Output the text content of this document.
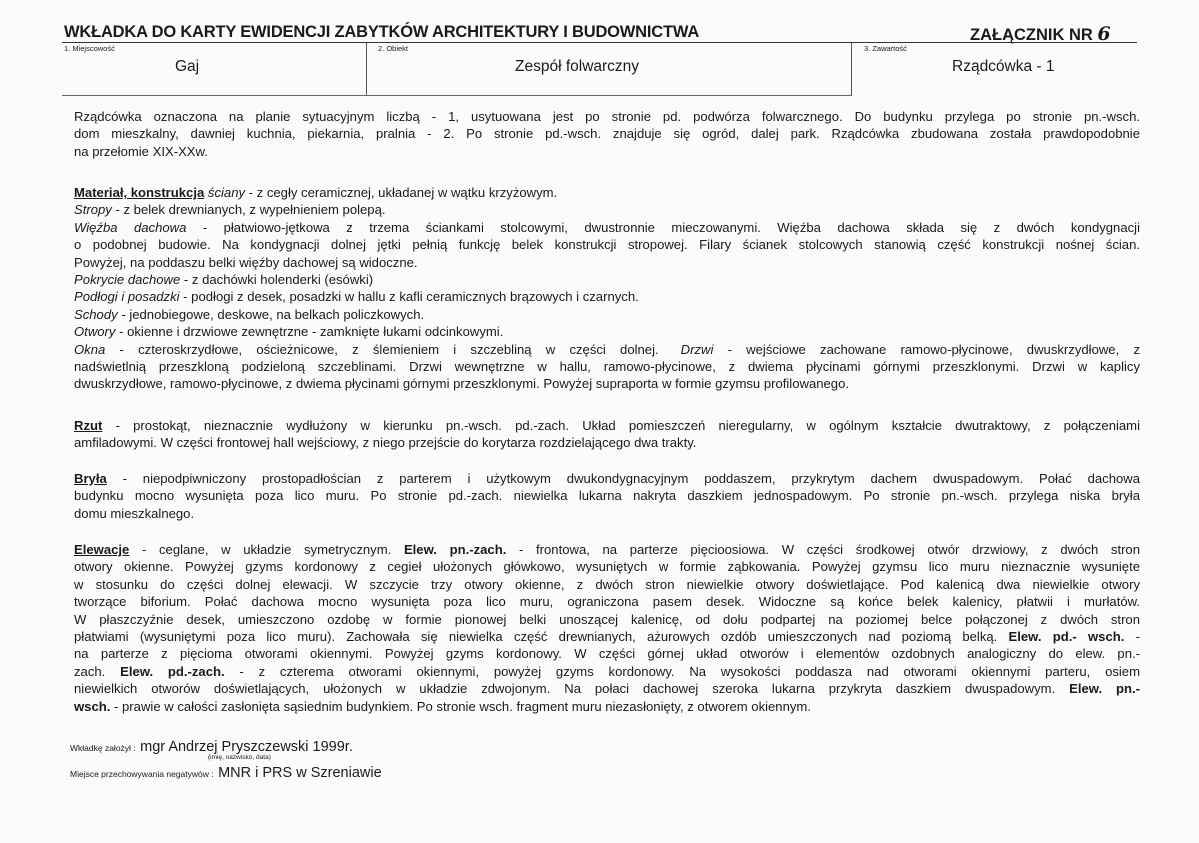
WKŁADKA DO KARTY EWIDENCJI ZABYTKÓW ARCHITEKTURY I BUDOWNICTWA	ZAŁĄCZNIK NR 6
1. Miejscowość
Gaj
2. Obiekt
Zespół folwarczny
3. Zawartość
Rządcówka - 1
Rządcówka oznaczona na planie sytuacyjnym liczbą - 1, usytuowana jest po stronie pd. podwórza folwarcznego. Do budynku przylega po stronie pn.-wsch.
dom mieszkalny, dawniej kuchnia, piekarnia, pralnia - 2. Po stronie pd.-wsch. znajduje się ogród, dalej park. Rządcówka zbudowana została prawdopodobnie
na przełomie XIX-XXw.
Materiał, konstrukcja ściany - z cegły ceramicznej, układanej w wątku krzyżowym.
Stropy - z belek drewnianych, z wypełnieniem polepą.
Więźba dachowa - płatwiowo-jętkowa z trzema ściankami stolcowymi, dwustronnie mieczowanymi. Więźba dachowa składa się z dwóch kondygnacji
o podobnej budowie. Na kondygnacji dolnej jętki pełnią funkcję belek konstrukcji stropowej. Filary ścianek stolcowych stanowią część konstrukcji nośnej ścian.
Powyżej, na poddaszu belki więźby dachowej są widoczne.
Pokrycie dachowe - z dachówki holenderki (esówki)
Podłogi i posadzki - podłogi z desek, posadzki w hallu z kafli ceramicznych brązowych i czarnych.
Schody - jednobiegowe, deskowe, na belkach policzkowych.
Otwory - okienne i drzwiowe zewnętrzne - zamknięte łukami odcinkowymi.
Okna - czteroskrzydłowe, ościeżnicowe, z ślemieniem i szczebliną w części dolnej. Drzwi - wejściowe zachowane ramowo-płycinowe, dwuskrzydłowe, z
nadświetlnią przeszkloną podzieloną szczeblinami. Drzwi wewnętrzne w hallu, ramowo-płycinowe, z dwiema płycinami górnymi przeszklonymi. Drzwi w kaplicy
dwuskrzydłowe, ramowo-płycinowe, z dwiema płycinami górnymi przeszklonymi. Powyżej supraporta w formie gzymsu profilowanego.
Rzut - prostokąt, nieznacznie wydłużony w kierunku pn.-wsch. pd.-zach. Układ pomieszczeń nieregularny, w ogólnym kształcie dwutraktowy, z połączeniami
amfiladowymi. W części frontowej hall wejściowy, z niego przejście do korytarza rozdzielającego dwa trakty.
Bryła - niepodpiwniczony prostopadłościan z parterem i użytkowym dwukondygnacyjnym poddaszem, przykrytym dachem dwuspadowym. Połać dachowa
budynku mocno wysunięta poza lico muru. Po stronie pd.-zach. niewielka lukarna nakryta daszkiem jednospadowym. Po stronie pn.-wsch. przylega niska bryła
domu mieszkalnego.
Elewacje - ceglane, w układzie symetrycznym. Elew. pn.-zach. - frontowa, na parterze pięcioosiowa. W części środkowej otwór drzwiowy, z dwóch stron
otwory okienne. Powyżej gzyms kordonowy z cegieł ułożonych główkowo, wysuniętych w formie ząbkowania. Powyżej gzymsu lico muru nieznacznie wysunięte
w stosunku do części dolnej elewacji. W szczycie trzy otwory okienne, z dwóch stron niewielkie otwory doświetlające. Pod kalenicą dwa niewielkie otwory
tworzące biforium. Połać dachowa mocno wysunięta poza lico muru, ograniczona pasem desek. Widoczne są końce belek kalenicy, płatwii i murłatów.
W płaszczyźnie desek, umieszczono ozdobę w formie pionowej belki unoszącej kalenicę, od dołu podpartej na poziomej belce połączonej z dwóch stron
płatwiami (wysuniętymi poza lico muru). Zachowała się niewielka część drewnianych, ażurowych ozdób umieszczonych nad poziomą belką. Elew. pd.- wsch. -
na parterze z pięcioma otworami okiennymi. Powyżej gzyms kordonowy. W części górnej układ otworów i elementów ozdobnych analogiczny do elew. pn.-
zach. Elew. pd.-zach. - z czterema otworami okiennymi, powyżej gzyms kordonowy. Na wysokości poddasza nad otworami okiennymi parteru, osiem
niewielkich otworów doświetlających, ułożonych w układzie zdwojonym. Na połaci dachowej szeroka lukarna przykryta daszkiem dwuspadowym. Elew. pn.-
wsch. - prawie w całości zasłonięta sąsiednim budynkiem. Po stronie wsch. fragment muru niezasłonięty, z otworem okiennym.
Wkładkę założył : mgr Andrzej Pryszczewski 1999r.
(imię, nazwisko, data)
Miejsce przechowywania negatywów : MNR i PRS w Szreniawie
